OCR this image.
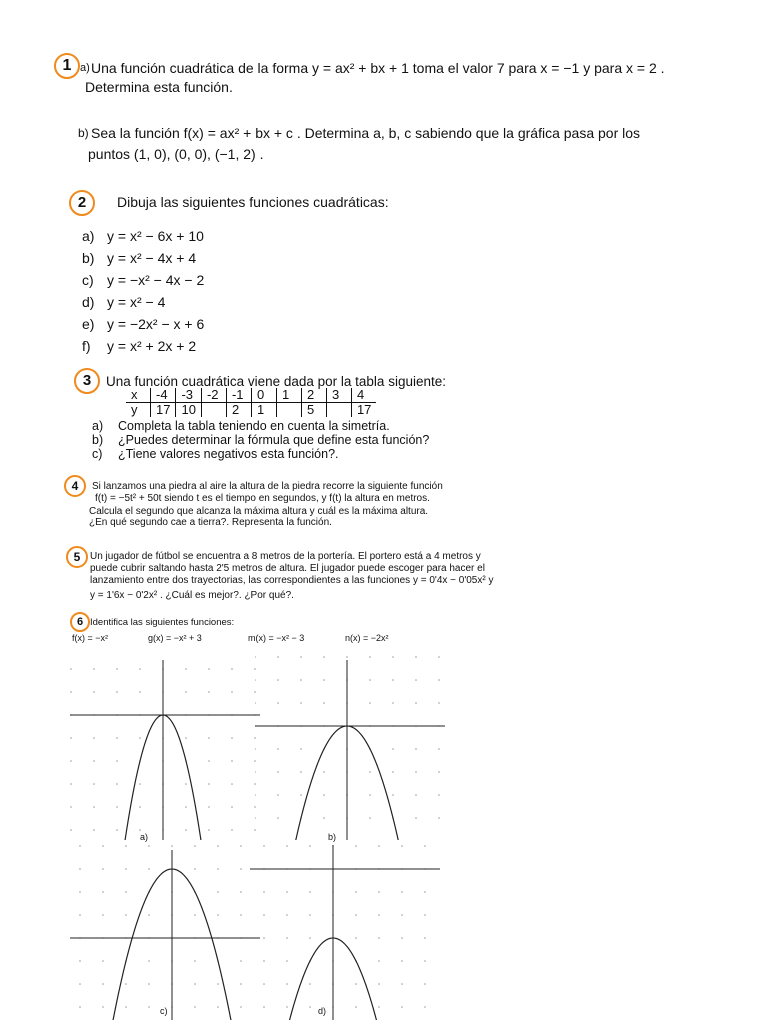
1 a) Una función cuadrática de la forma y = ax² + bx + 1 toma el valor 7 para x = −1 y para x = 2 .
Determina esta función.
b) Sea la función f(x) = ax² + bx + c . Determina a, b, c sabiendo que la gráfica pasa por los
puntos (1, 0), (0, 0), (−1, 2) .
2	Dibuja las siguientes funciones cuadráticas:
a) y = x² − 6x + 10
b) y = x² − 4x + 4
c) y = −x² − 4x − 2
d) y = x² − 4
e) y = −2x² − x + 6
f) y = x² + 2x + 2
3	Una función cuadrática viene dada por la tabla siguiente:
x	-4	-3	-2	-1	0	1	2	3	4
y	17	10		2	1		5		17
a) Completa la tabla teniendo en cuenta la simetría.
b) ¿Puedes determinar la fórmula que define esta función?
c) ¿Tiene valores negativos esta función?.
4	Si lanzamos una piedra al aire la altura de la piedra recorre la siguiente función
f(t) = −5t² + 50t siendo t es el tiempo en segundos, y f(t) la altura en metros.
Calcula el segundo que alcanza la máxima altura y cuál es la máxima altura.
¿En qué segundo cae a tierra?. Representa la función.
5 Un jugador de fútbol se encuentra a 8 metros de la portería. El portero está a 4 metros y
puede cubrir saltando hasta 2'5 metros de altura. El jugador puede escoger para hacer el
lanzamiento entre dos trayectorias, las correspondientes a las funciones y = 0'4x − 0'05x² y
y = 1'6x − 0'2x² . ¿Cuál es mejor?. ¿Por qué?.
6 Identifica las siguientes funciones:
f(x) = −x²	g(x) = −x² + 3	m(x) = −x² − 3	n(x) = −2x²
a)	b)
c)	d)
